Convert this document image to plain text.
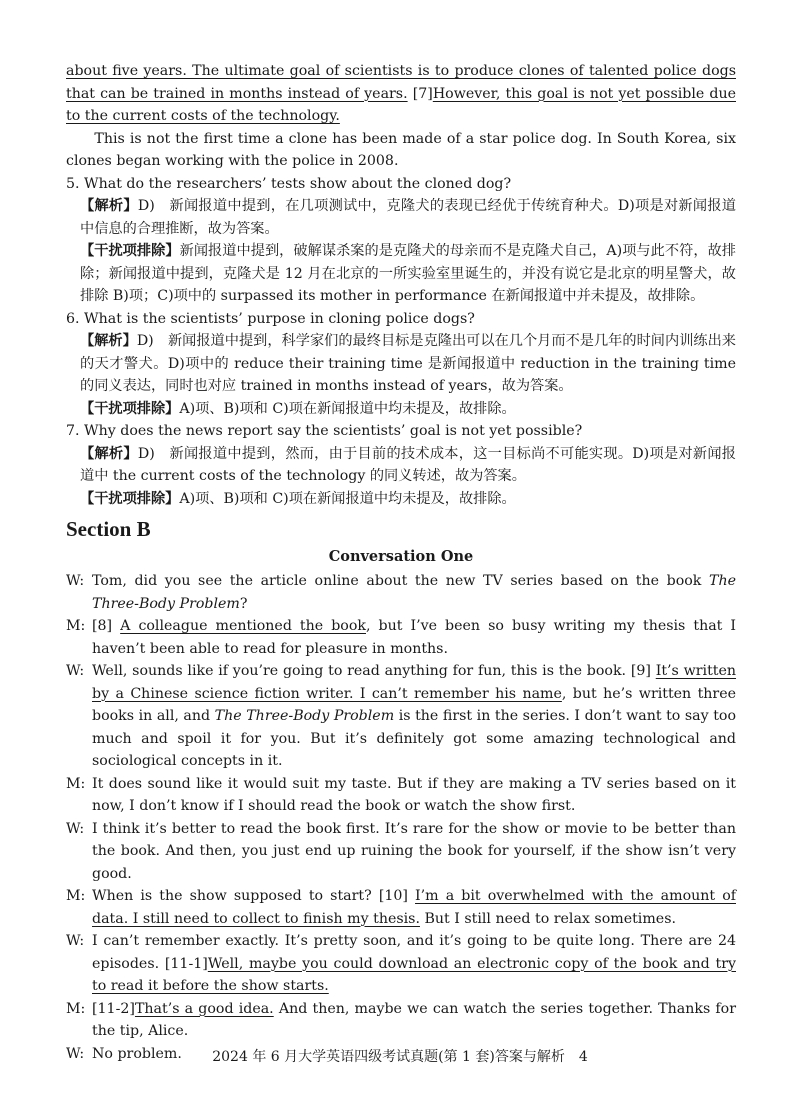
about five years. The ultimate goal of scientists is to produce clones of talented police dogs that can be trained in months instead of years. [7]However, this goal is not yet possible due to the current costs of the technology.
This is not the first time a clone has been made of a star police dog. In South Korea, six clones began working with the police in 2008.
5. What do the researchers’ tests show about the cloned dog?
【解析】D)　新闻报道中提到，在几项测试中，克隆犬的表现已经优于传统育种犬。D)项是对新闻报道中信息的合理推断，故为答案。
【干扰项排除】新闻报道中提到，破解谋杀案的是克隆犬的母亲而不是克隆犬自己，A)项与此不符，故排除；新闻报道中提到，克隆犬是 12 月在北京的一所实验室里诞生的，并没有说它是北京的明星警犬，故排除 B)项；C)项中的 surpassed its mother in performance 在新闻报道中并未提及，故排除。
6. What is the scientists’ purpose in cloning police dogs?
【解析】D)　新闻报道中提到，科学家们的最终目标是克隆出可以在几个月而不是几年的时间内训练出来的天才警犬。D)项中的 reduce their training time 是新闻报道中 reduction in the training time 的同义表达，同时也对应 trained in months instead of years，故为答案。
【干扰项排除】A)项、B)项和 C)项在新闻报道中均未提及，故排除。
7. Why does the news report say the scientists’ goal is not yet possible?
【解析】D)　新闻报道中提到，然而，由于目前的技术成本，这一目标尚不可能实现。D)项是对新闻报道中 the current costs of the technology 的同义转述，故为答案。
【干扰项排除】A)项、B)项和 C)项在新闻报道中均未提及，故排除。
Section B
Conversation One
W: Tom, did you see the article online about the new TV series based on the book The Three-Body Problem?
M: [8] A colleague mentioned the book, but I’ve been so busy writing my thesis that I haven’t been able to read for pleasure in months.
W: Well, sounds like if you’re going to read anything for fun, this is the book. [9] It’s written by a Chinese science fiction writer. I can’t remember his name, but he’s written three books in all, and The Three-Body Problem is the first in the series. I don’t want to say too much and spoil it for you. But it’s definitely got some amazing technological and sociological concepts in it.
M: It does sound like it would suit my taste. But if they are making a TV series based on it now, I don’t know if I should read the book or watch the show first.
W: I think it’s better to read the book first. It’s rare for the show or movie to be better than the book. And then, you just end up ruining the book for yourself, if the show isn’t very good.
M: When is the show supposed to start? [10] I’m a bit overwhelmed with the amount of data. I still need to collect to finish my thesis. But I still need to relax sometimes.
W: I can’t remember exactly. It’s pretty soon, and it’s going to be quite long. There are 24 episodes. [11-1]Well, maybe you could download an electronic copy of the book and try to read it before the show starts.
M: [11-2]That’s a good idea. And then, maybe we can watch the series together. Thanks for the tip, Alice.
W: No problem.	2024 年 6 月大学英语四级考试真题(第 1 套)答案与解析　4
